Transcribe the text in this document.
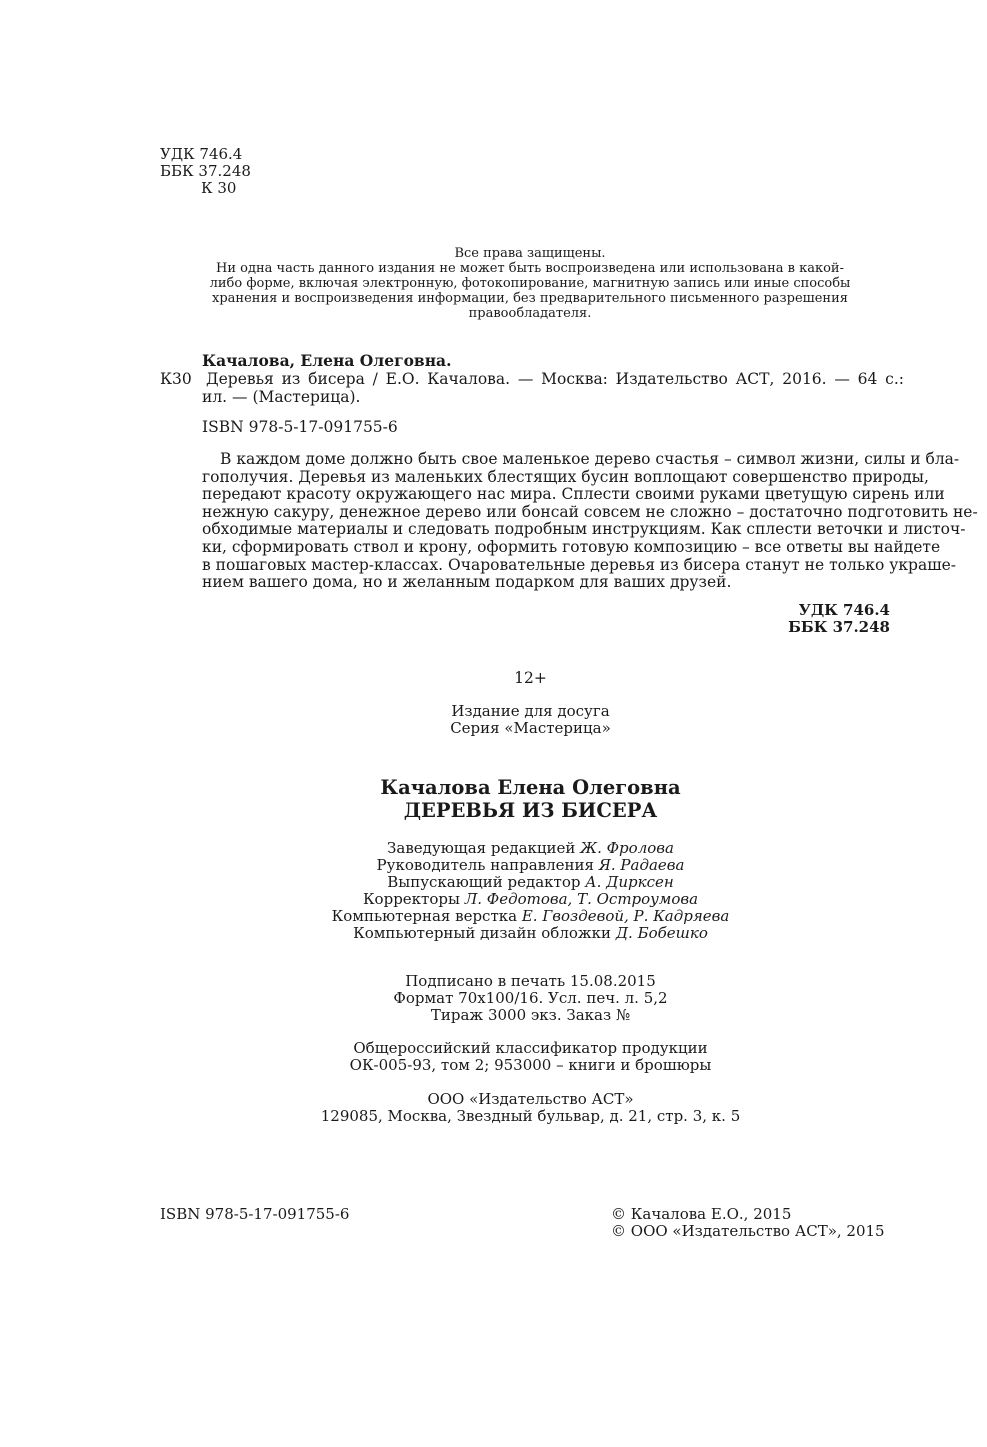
УДК 746.4
ББК 37.248
К 30
Все права защищены.
Ни одна часть данного издания не может быть воспроизведена или использована в какой-
либо форме, включая электронную, фотокопирование, магнитную запись или иные способы
хранения и воспроизведения информации, без предварительного письменного разрешения
правообладателя.
Качалова, Елена Олеговна.
К30 Деревья из бисера / Е.О. Качалова. — Москва: Издательство АСТ, 2016. — 64 с.:
ил. — (Мастерица).
ISBN 978-5-17-091755-6
В каждом доме должно быть свое маленькое дерево счастья – символ жизни, силы и бла-
гополучия. Деревья из маленьких блестящих бусин воплощают совершенство природы,
передают красоту окружающего нас мира. Сплести своими руками цветущую сирень или
нежную сакуру, денежное дерево или бонсай совсем не сложно – достаточно подготовить не-
обходимые материалы и следовать подробным инструкциям. Как сплести веточки и листоч-
ки, сформировать ствол и крону, оформить готовую композицию – все ответы вы найдете
в пошаговых мастер-классах. Очаровательные деревья из бисера станут не только украше-
нием вашего дома, но и желанным подарком для ваших друзей.
УДК 746.4
ББК 37.248
12+
Издание для досуга
Серия «Мастерица»
Качалова Елена Олеговна
ДЕРЕВЬЯ ИЗ БИСЕРА
Заведующая редакцией Ж. Фролова
Руководитель направления Я. Радаева
Выпускающий редактор А. Дирксен
Корректоры Л. Федотова, Т. Остроумова
Компьютерная верстка Е. Гвоздевой, Р. Кадряева
Компьютерный дизайн обложки Д. Бобешко
Подписано в печать 15.08.2015
Формат 70x100/16. Усл. печ. л. 5,2
Тираж 3000 экз. Заказ №
Общероссийский классификатор продукции
ОК-005-93, том 2; 953000 – книги и брошюры
ООО «Издательство АСТ»
129085, Москва, Звездный бульвар, д. 21, стр. 3, к. 5
ISBN 978-5-17-091755-6	© Качалова Е.О., 2015
© ООО «Издательство АСТ», 2015
